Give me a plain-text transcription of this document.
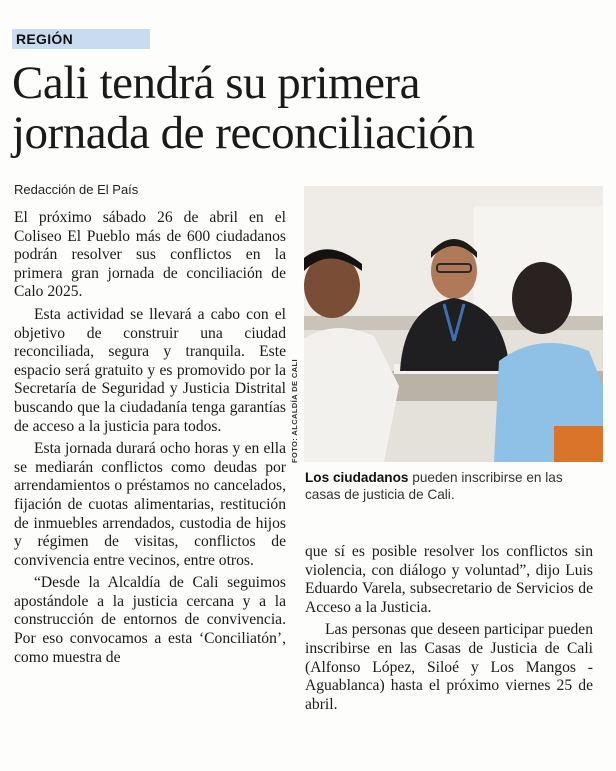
REGIÓN
Cali tendrá su primera
jornada de reconciliación
Redacción de El País

El próximo sábado 26 de abril en el Coliseo El Pueblo más de 600 ciudadanos podrán resolver sus conflictos en la primera gran jornada de conciliación de Calo 2025.

Esta actividad se llevará a cabo con el objetivo de construir una ciudad reconciliada, segura y tranquila. Este espacio será gratuito y es promovido por la Secretaría de Seguridad y Justicia Distrital buscando que la ciudadanía tenga garantías de acceso a la justicia para todos.

Esta jornada durará ocho horas y en ella se mediarán conflictos como deudas por arrendamientos o préstamos no cancelados, fijación de cuotas alimentarias, restitución de inmuebles arrendados, custodia de hijos y régimen de visitas, conflictos de convivencia entre vecinos, entre otros.

“Desde la Alcaldía de Cali seguimos apostándole a la justicia cercana y a la construcción de entornos de convivencia. Por eso convocamos a esta ‘Conciliatón’, como muestra de

FOTO: ALCALDÍA DE CALI
Los ciudadanos pueden inscribirse en las casas de justicia de Cali.

que sí es posible resolver los conflictos sin violencia, con diálogo y voluntad”, dijo Luis Eduardo Varela, subsecretario de Servicios de Acceso a la Justicia.

Las personas que deseen participar pueden inscribirse en las Casas de Justicia de Cali (Alfonso López, Siloé y Los Mangos - Aguablanca) hasta el próximo viernes 25 de abril.
